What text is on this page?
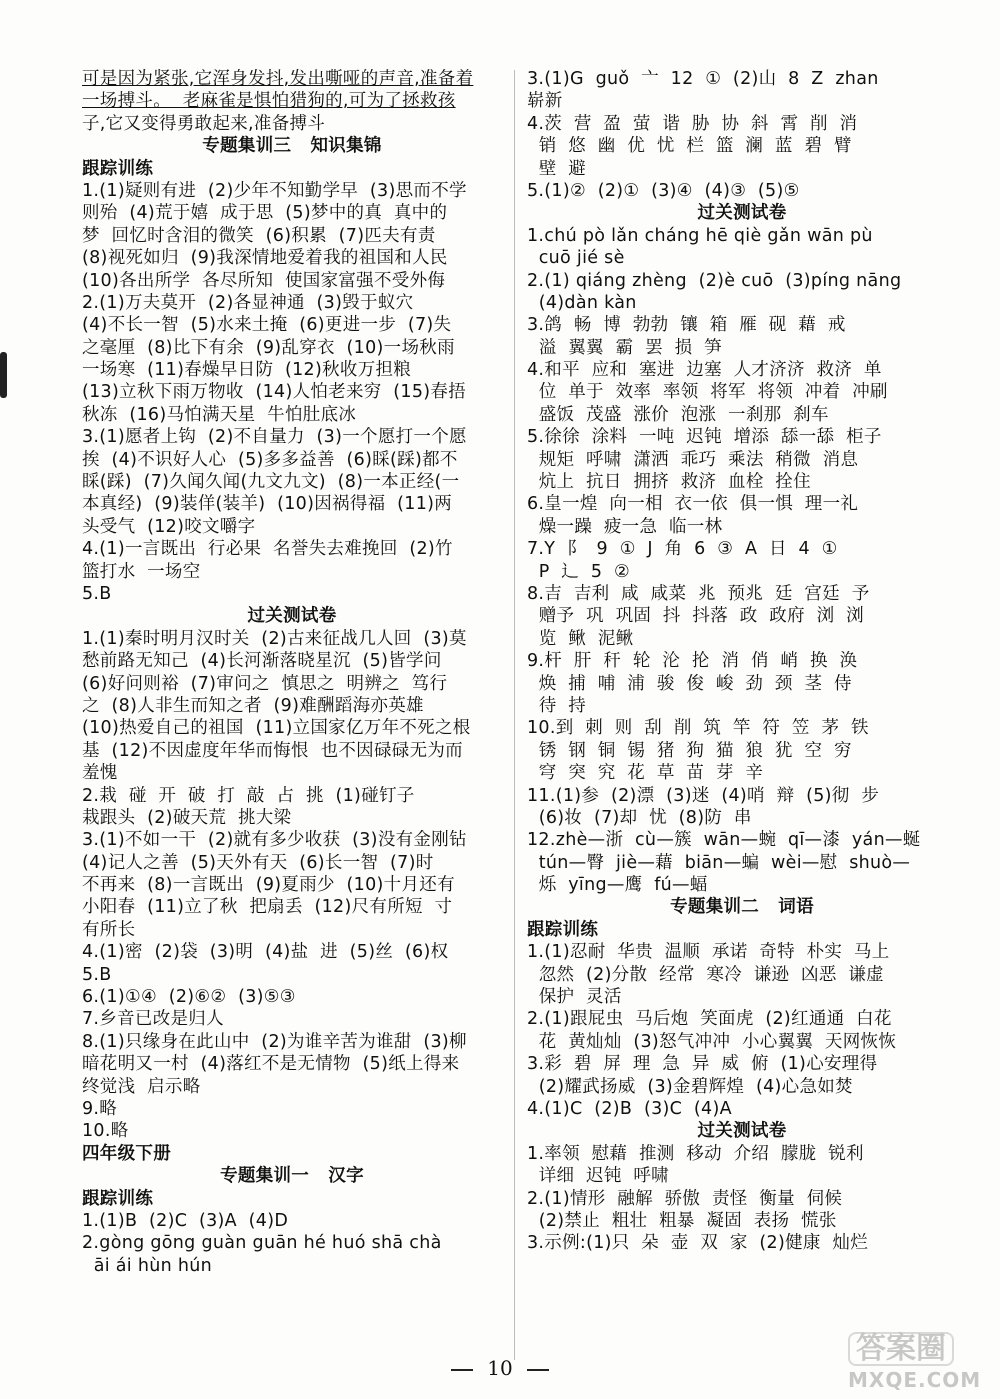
可是因为紧张,它浑身发抖,发出嘶哑的声音,准备着
一场搏斗。  老麻雀是惧怕猎狗的,可为了拯救孩
子,它又变得勇敢起来,准备搏斗
专题集训三   知识集锦
跟踪训练
1.(1)疑则有进  (2)少年不知勤学早  (3)思而不学
则殆  (4)荒于嬉  成于思  (5)梦中的真  真中的
梦  回忆时含泪的微笑  (6)积累  (7)匹夫有责
(8)视死如归  (9)我深情地爱着我的祖国和人民
(10)各出所学  各尽所知  使国家富强不受外侮
2.(1)万夫莫开  (2)各显神通  (3)毁于蚁穴
(4)不长一智  (5)水来土掩  (6)更进一步  (7)失
之毫厘  (8)比下有余  (9)乱穿衣  (10)一场秋雨
一场寒  (11)春燥早日防  (12)秋收万担粮
(13)立秋下雨万物收  (14)人怕老来穷  (15)春捂
秋冻  (16)马怕满天星  牛怕肚底冰
3.(1)愿者上钩  (2)不自量力  (3)一个愿打一个愿
挨  (4)不识好人心  (5)多多益善  (6)睬(踩)都不
睬(踩)  (7)久闻久闻(九文九文)  (8)一本正经(一
本真经)  (9)装佯(装羊)  (10)因祸得福  (11)两
头受气  (12)咬文嚼字
4.(1)一言既出  行必果  名誉失去难挽回  (2)竹
篮打水  一场空
5.B
过关测试卷
1.(1)秦时明月汉时关  (2)古来征战几人回  (3)莫
愁前路无知己  (4)长河渐落晓星沉  (5)皆学问
(6)好问则裕  (7)审问之  慎思之  明辨之  笃行
之  (8)人非生而知之者  (9)难酬蹈海亦英雄
(10)热爱自己的祖国  (11)立国家亿万年不死之根
基  (12)不因虚度年华而悔恨  也不因碌碌无为而
羞愧
2.栽  碰  开  破  打  敲  占  挑  (1)碰钉子
栽跟头  (2)破天荒  挑大梁
3.(1)不如一干  (2)就有多少收获  (3)没有金刚钻
(4)记人之善  (5)天外有天  (6)长一智  (7)时
不再来  (8)一言既出  (9)夏雨少  (10)十月还有
小阳春  (11)立了秋  把扇丢  (12)尺有所短  寸
有所长
4.(1)密  (2)袋  (3)明  (4)盐  进  (5)丝  (6)权
5.B
6.(1)①④  (2)⑥②  (3)⑤③
7.乡音已改是归人
8.(1)只缘身在此山中  (2)为谁辛苦为谁甜  (3)柳
暗花明又一村  (4)落红不是无情物  (5)纸上得来
终觉浅  启示略
9.略
10.略
四年级下册
专题集训一   汉字
跟踪训练
1.(1)B  (2)C  (3)A  (4)D
2.gòng gōng guàn guān hé huó shā chà
āi ái hùn hún
3.(1)G  guǒ  亠  12  ①  (2)山  8  Z  zhan
崭新
4.茨  营  盈  萤  谐  胁  协  斜  霄  削  消
销  悠  幽  优  忧  栏  篮  澜  蓝  碧  臂
壁  避
5.(1)②  (2)①  (3)④  (4)③  (5)⑤
过关测试卷
1.chú pò lǎn cháng hē qiè gǎn wān pù
cuō jié sè
2.(1) qiáng zhèng  (2)è cuō  (3)píng nāng
(4)dàn kàn
3.鸽  畅  博  勃勃  镶  箱  雁  砚  藉  戒
溢  翼翼  霸  罢  损  笋
4.和平  应和  塞进  边塞  人才济济  救济  单
位  单于  效率  率领  将军  将领  冲着  冲刷
盛饭  茂盛  涨价  泡涨  一刹那  刹车
5.徐徐  涂料  一吨  迟钝  增添  舔一舔  柜子
规矩  呼啸  潇洒  乖巧  乘法  稍微  消息
炕上  抗日  拥挤  救济  血栓  拴住
6.皇一煌  向一相  衣一依  俱一惧  理一礼
燥一躁  疲一急  临一林
7.Y  阝  9  ①  J  角  6  ③  A  日  4  ①
P  辶  5  ②
8.吉  吉利  咸  咸菜  兆  预兆  廷  宫廷  予
赠予  巩  巩固  抖  抖落  政  政府  浏  浏
览  鳅  泥鳅
9.杆  肝  秆  轮  沦  抡  消  俏  峭  换  涣
焕  捕  哺  浦  骏  俊  峻  劲  颈  茎  侍
待  持
10.到  刺  则  刮  削  筑  竿  符  笠  茅  铁
锈  钢  铜  锡  猪  狗  猫  狼  犹  空  穷
穹  突  究  花  草  苗  芽  辛
11.(1)参  (2)漂  (3)迷  (4)哨  辩  (5)彻  步
(6)妆  (7)却  忧  (8)防  串
12.zhè—浙  cù—簇  wān—蜿  qī—漆  yán—蜒
tún—臀  jiè—藉  biān—蝙  wèi—慰  shuò—
烁  yīng—鹰  fú—蝠
专题集训二   词语
跟踪训练
1.(1)忍耐  华贵  温顺  承诺  奇特  朴实  马上
忽然  (2)分散  经常  寒冷  谦逊  凶恶  谦虚
保护  灵活
2.(1)跟屁虫  马后炮  笑面虎  (2)红通通  白花
花  黄灿灿  (3)怒气冲冲  小心翼翼  天网恢恢
3.彩  碧  屏  理  急  异  威  俯  (1)心安理得
(2)耀武扬威  (3)金碧辉煌  (4)心急如焚
4.(1)C  (2)B  (3)C  (4)A
过关测试卷
1.率领  慰藉  推测  移动  介绍  朦胧  锐利
详细  迟钝  呼啸
2.(1)情形  融解  骄傲  责怪  衡量  伺候
(2)禁止  粗壮  粗暴  凝固  表扬  慌张
3.示例:(1)只  朵  壶  双  家  (2)健康  灿烂
10
答案圈
MXQE.COM
